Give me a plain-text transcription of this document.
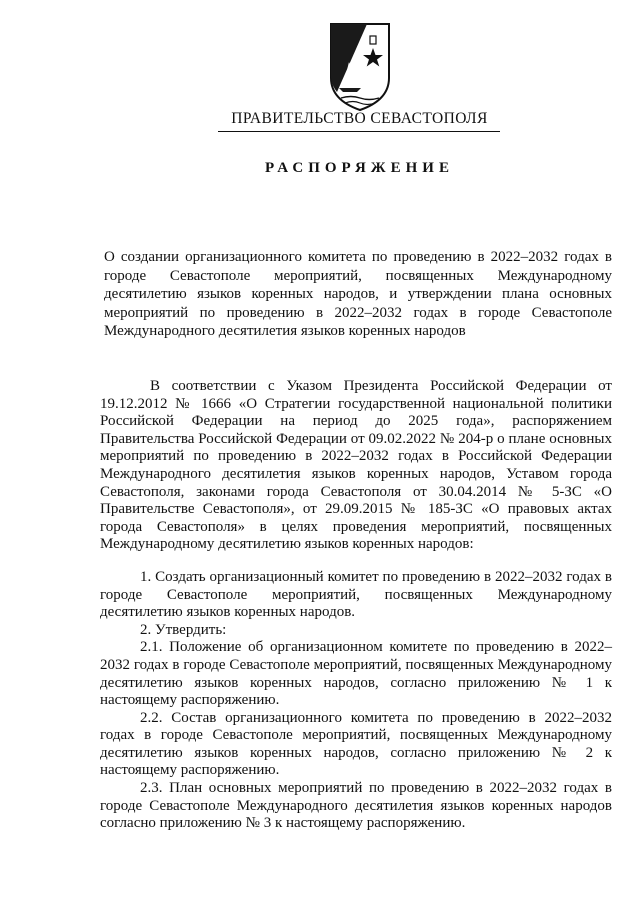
ПРАВИТЕЛЬСТВО СЕВАСТОПОЛЯ
РАСПОРЯЖЕНИЕ
О создании организационного комитета по проведению в 2022–2032 годах в городе Севастополе мероприятий, посвященных Международному десятилетию языков коренных народов, и утверждении плана основных мероприятий по проведению в 2022–2032 годах в городе Севастополе Международного десятилетия языков коренных народов

В соответствии с Указом Президента Российской Федерации от 19.12.2012 № 1666 «О Стратегии государственной национальной политики Российской Федерации на период до 2025 года», распоряжением Правительства Российской Федерации от 09.02.2022 № 204-р о плане основных мероприятий по проведению в 2022–2032 годах в Российской Федерации Международного десятилетия языков коренных народов, Уставом города Севастополя, законами города Севастополя от 30.04.2014 № 5-ЗС «О Правительстве Севастополя», от 29.09.2015 № 185-ЗС «О правовых актах города Севастополя» в целях проведения мероприятий, посвященных Международному десятилетию языков коренных народов:

1. Создать организационный комитет по проведению в 2022–2032 годах в городе Севастополе мероприятий, посвященных Международному десятилетию языков коренных народов.

2. Утвердить:

2.1. Положение об организационном комитете по проведению в 2022–2032 годах в городе Севастополе мероприятий, посвященных Международному десятилетию языков коренных народов, согласно приложению № 1 к настоящему распоряжению.

2.2. Состав организационного комитета по проведению в 2022–2032 годах в городе Севастополе мероприятий, посвященных Международному десятилетию языков коренных народов, согласно приложению № 2 к настоящему распоряжению.

2.3. План основных мероприятий по проведению в 2022–2032 годах в городе Севастополе Международного десятилетия языков коренных народов согласно приложению № 3 к настоящему распоряжению.
